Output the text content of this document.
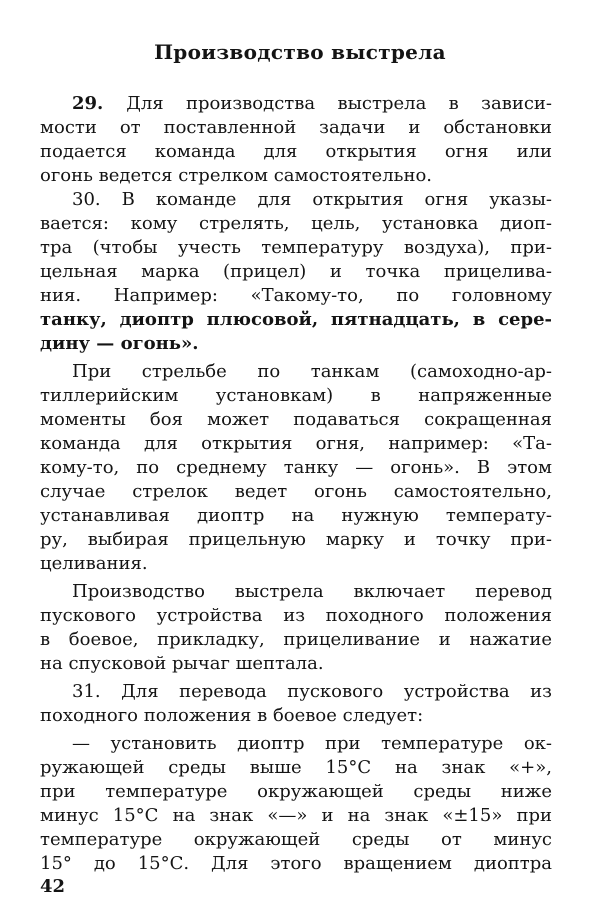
Производство выстрела
29. Для производства выстрела в зависи-
мости от поставленной задачи и обстановки
подается команда для открытия огня или
огонь ведется стрелком самостоятельно.
30. В команде для открытия огня указы-
вается: кому стрелять, цель, установка диоп-
тра (чтобы учесть температуру воздуха), при-
цельная марка (прицел) и точка прицелива-
ния. Например: «Такому-то, по головному
танку, диоптр плюсовой, пятнадцать, в сере-
дину — огонь».
При стрельбе по танкам (самоходно-ар-
тиллерийским установкам) в напряженные
моменты боя может подаваться сокращенная
команда для открытия огня, например: «Та-
кому-то, по среднему танку — огонь». В этом
случае стрелок ведет огонь самостоятельно,
устанавливая диоптр на нужную температу-
ру, выбирая прицельную марку и точку при-
целивания.
Производство выстрела включает перевод
пускового устройства из походного положения
в боевое, прикладку, прицеливание и нажатие
на спусковой рычаг шептала.
31. Для перевода пускового устройства из
походного положения в боевое следует:
— установить диоптр при температуре ок-
ружающей среды выше 15°С на знак «+»,
при температуре окружающей среды ниже
минус 15°С на знак «—» и на знак «±15» при
температуре окружающей среды от минус
15° до 15°С. Для этого вращением диоптра
42
